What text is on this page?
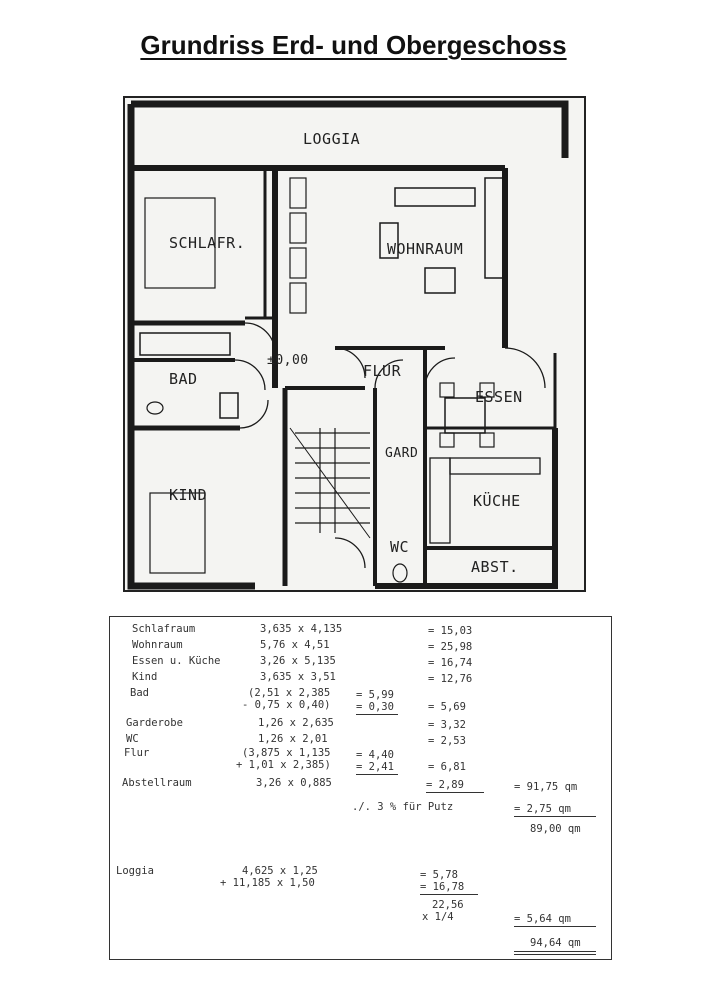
Grundriss Erd- und Obergeschoss
LOGGIA
SCHLAFR.	WOHNRAUM
BAD
±0,00
FLUR
ESSEN
GARD
KIND	KÜCHE
WC
ABST.
Schlafraum	3,635 x 4,135	= 15,03
Wohnraum	5,76 x 4,51	= 25,98
Essen u. Küche	3,26 x 5,135	= 16,74
Kind	3,635 x 3,51	= 12,76
Bad	(2,51 x 2,385 = 5,99
- 0,75 x 0,40) = 0,30	= 5,69
Garderobe	1,26 x 2,635	= 3,32
WC	1,26 x 2,01	= 2,53
Flur	(3,875 x 1,135 = 4,40
+ 1,01 x 2,385) = 2,41	= 6,81
Abstellraum	3,26 x 0,885	= 2,89	= 91,75 qm
./. 3 % für Putz	= 2,75 qm
89,00 qm
Loggia	4,625 x 1,25
+ 11,185 x 1,50
= 5,78
= 16,78
22,56
x 1/4	= 5,64 qm
94,64 qm
